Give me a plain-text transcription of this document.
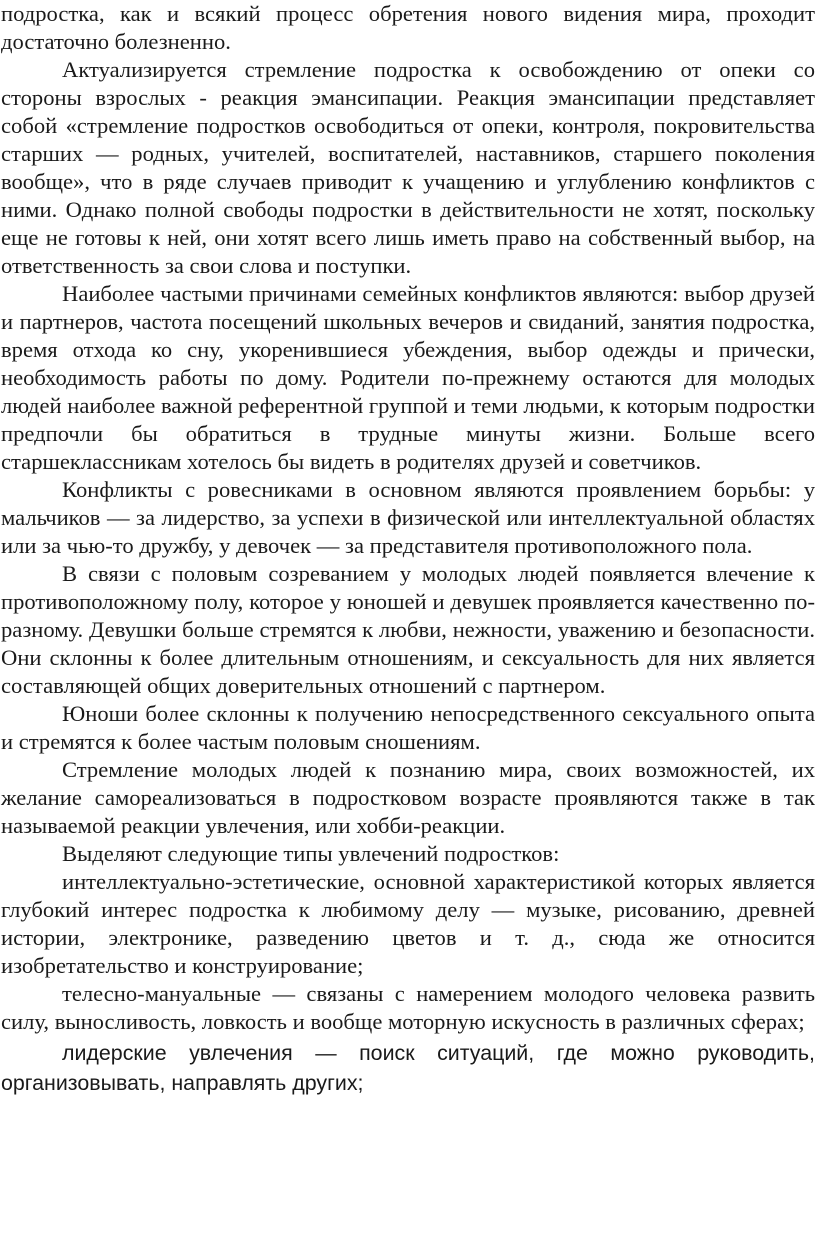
подростка, как и всякий процесс обретения нового видения мира, проходит достаточно болезненно.

Актуализируется стремление подростка к освобождению от опеки со стороны взрослых - реакция эмансипации. Реакция эмансипации представляет собой «стремление подростков освободиться от опеки, контроля, покровительства старших — родных, учителей, воспитателей, наставников, старшего поколения вообще», что в ряде случаев приводит к учащению и углублению конфликтов с ними. Однако полной свободы подростки в действительности не хотят, поскольку еще не готовы к ней, они хотят всего лишь иметь право на собственный выбор, на ответственность за свои слова и поступки.

Наиболее частыми причинами семейных конфликтов являются: выбор друзей и партнеров, частота посещений школьных вечеров и свиданий, занятия подростка, время отхода ко сну, укоренившиеся убеждения, выбор одежды и прически, необходимость работы по дому. Родители по-прежнему остаются для молодых людей наиболее важной референтной группой и теми людьми, к которым подростки предпочли бы обратиться в трудные минуты жизни. Больше всего старшеклассникам хотелось бы видеть в родителях друзей и советчиков.

Конфликты с ровесниками в основном являются проявлением борьбы: у мальчиков — за лидерство, за успехи в физической или интеллектуальной областях или за чью-то дружбу, у девочек — за представителя противоположного пола.

В связи с половым созреванием у молодых людей появляется влечение к противоположному полу, которое у юношей и девушек проявляется качественно по-разному. Девушки больше стремятся к любви, нежности, уважению и безопасности. Они склонны к более длительным отношениям, и сексуальность для них является составляющей общих доверительных отношений с партнером.

Юноши более склонны к получению непосредственного сексуального опыта и стремятся к более частым половым сношениям.

Стремление молодых людей к познанию мира, своих возможностей, их желание самореализоваться в подростковом возрасте проявляются также в так называемой реакции увлечения, или хобби-реакции.

Выделяют следующие типы увлечений подростков:

интеллектуально-эстетические, основной характеристикой которых является глубокий интерес подростка к любимому делу — музыке, рисованию, древней истории, электронике, разведению цветов и т. д., сюда же относится изобретательство и конструирование;

телесно-мануальные — связаны с намерением молодого человека развить силу, выносливость, ловкость и вообще моторную искусность в различных сферах;

лидерские увлечения — поиск ситуаций, где можно руководить, организовывать, направлять других;
